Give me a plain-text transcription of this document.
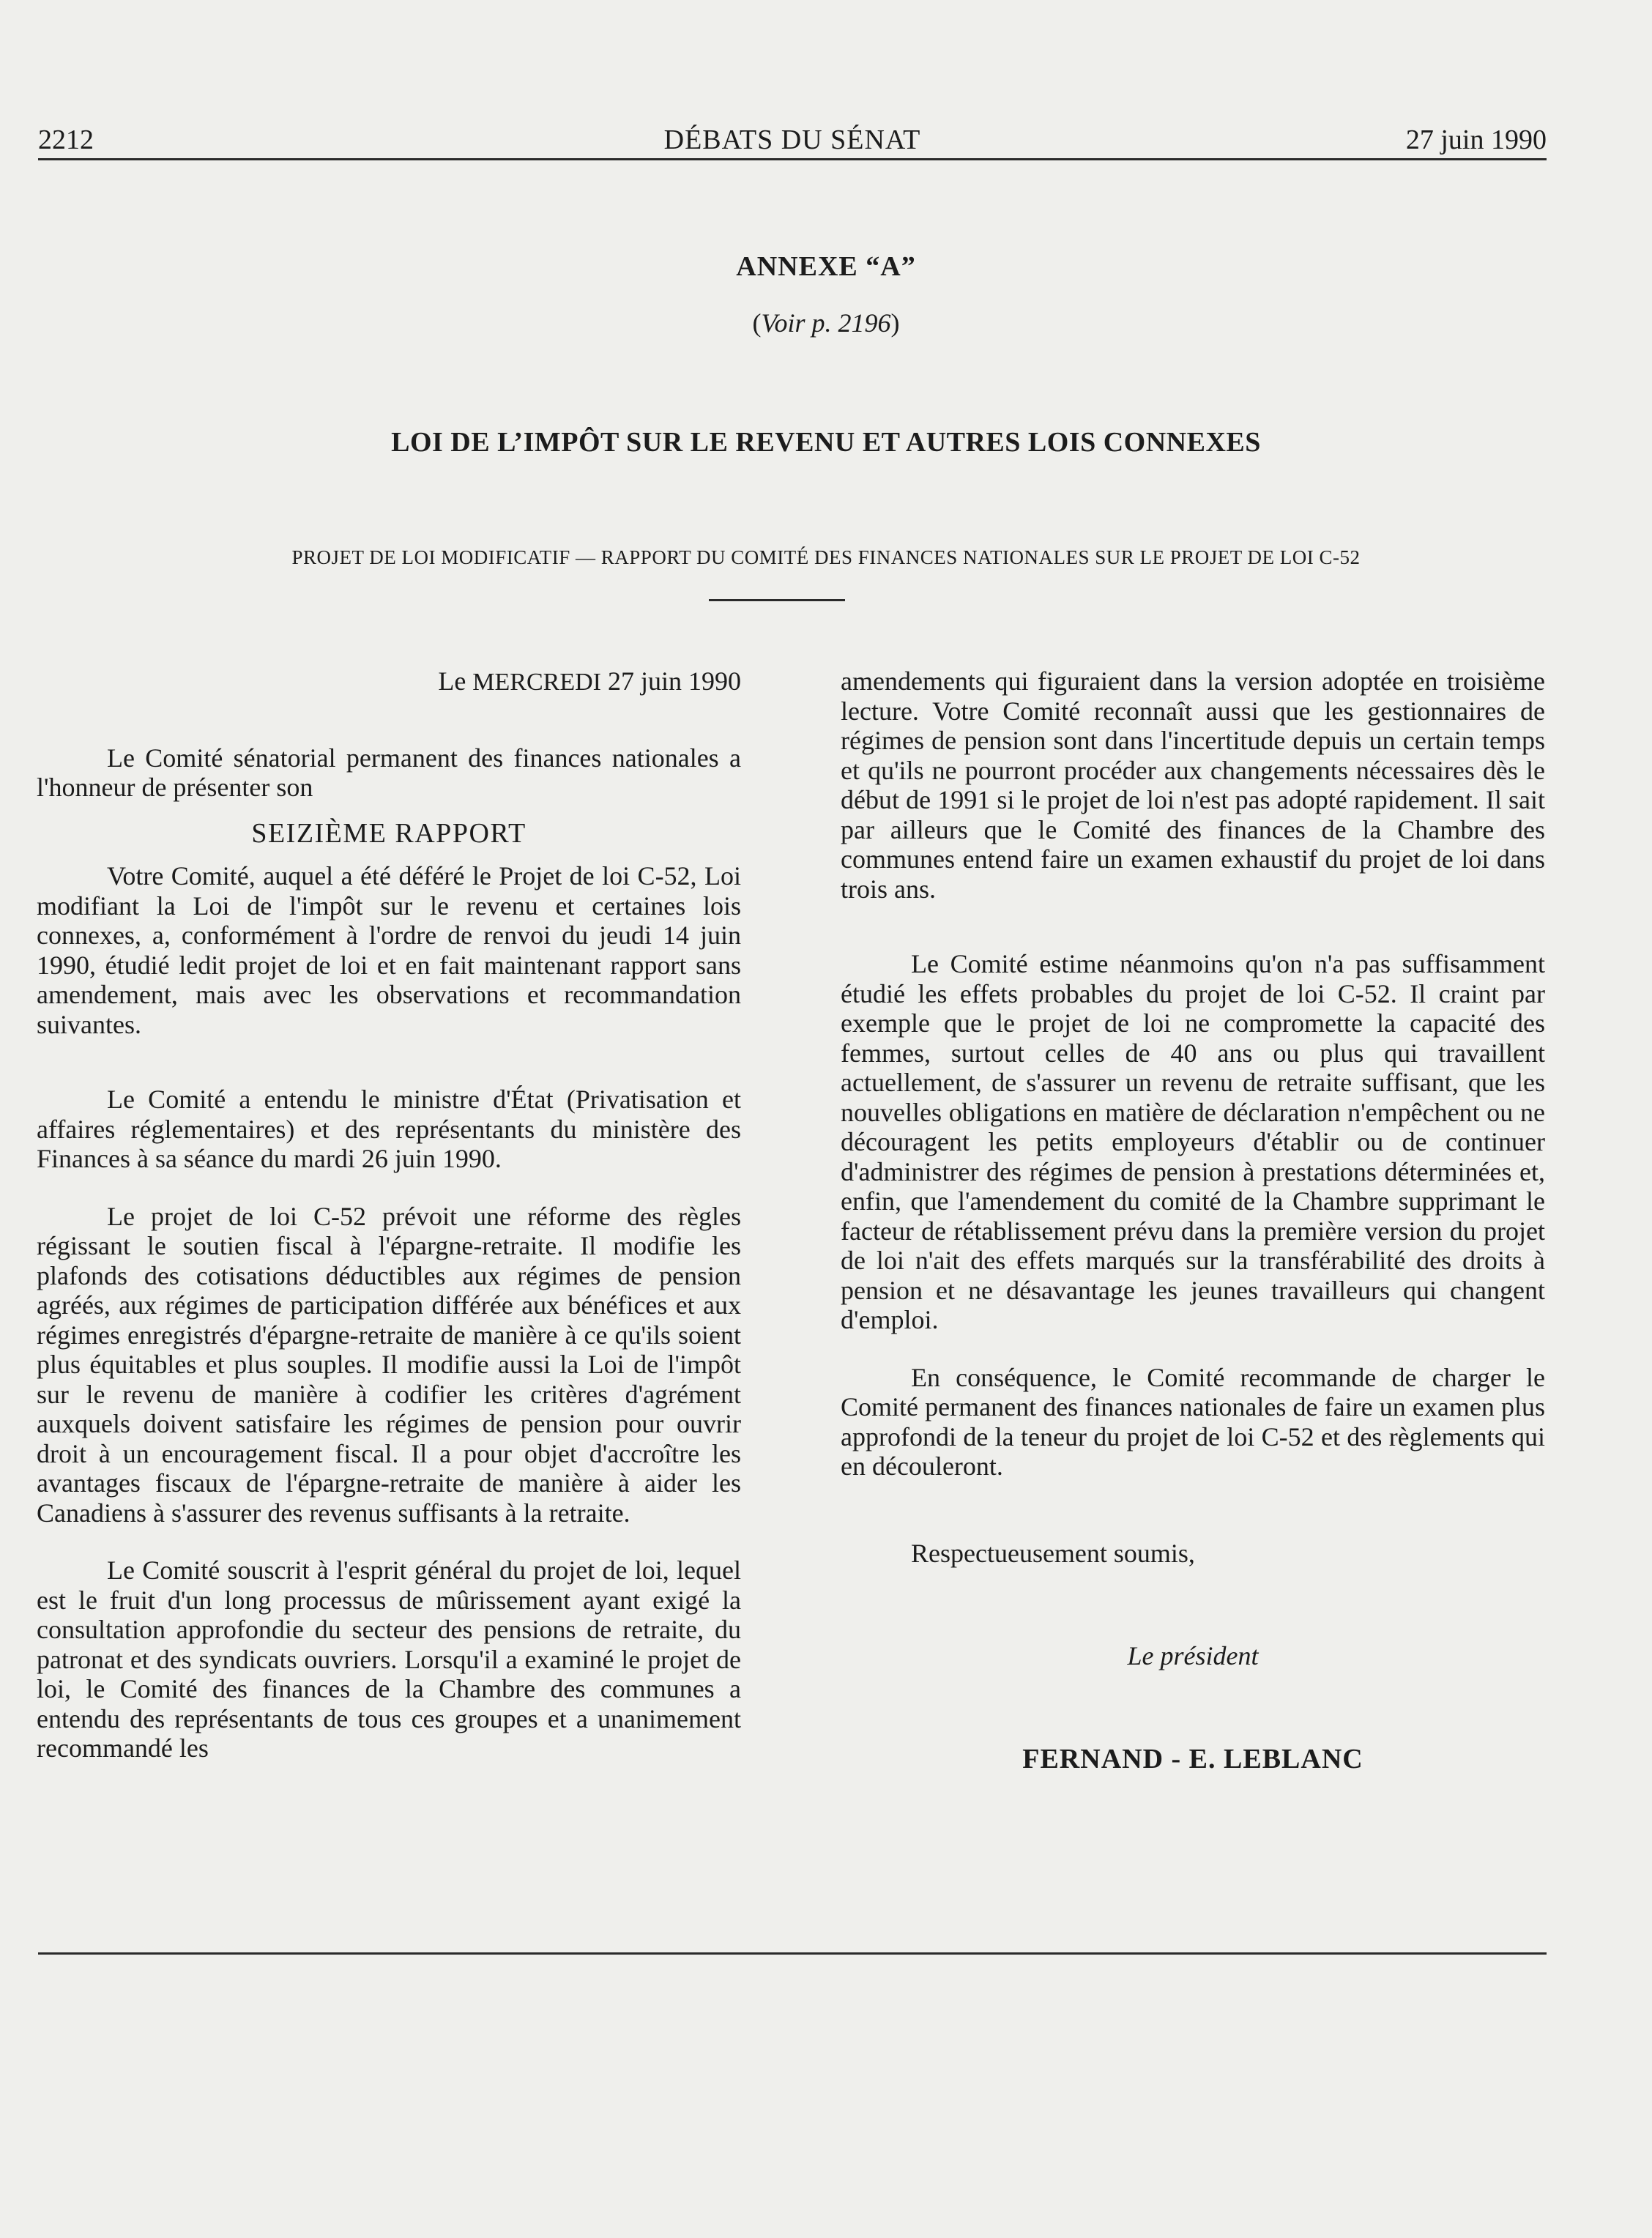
2212	DÉBATS DU SÉNAT	27 juin 1990
ANNEXE “A”
(Voir p. 2196)
LOI DE L’IMPÔT SUR LE REVENU ET AUTRES LOIS CONNEXES
PROJET DE LOI MODIFICATIF — RAPPORT DU COMITÉ DES FINANCES NATIONALES SUR LE PROJET DE LOI C-52

Le MERCREDI 27 juin 1990

Le Comité sénatorial permanent des finances nationales a l'honneur de présenter son

SEIZIÈME RAPPORT

Votre Comité, auquel a été déféré le Projet de loi C-52, Loi modifiant la Loi de l'impôt sur le revenu et certaines lois connexes, a, conformément à l'ordre de renvoi du jeudi 14 juin 1990, étudié ledit projet de loi et en fait maintenant rapport sans amendement, mais avec les observations et recommandation suivantes.

Le Comité a entendu le ministre d'État (Privatisation et affaires réglementaires) et des représentants du ministère des Finances à sa séance du mardi 26 juin 1990.

Le projet de loi C-52 prévoit une réforme des règles régissant le soutien fiscal à l'épargne-retraite. Il modifie les plafonds des cotisations déductibles aux régimes de pension agréés, aux régimes de participation différée aux bénéfices et aux régimes enregistrés d'épargne-retraite de manière à ce qu'ils soient plus équitables et plus souples. Il modifie aussi la Loi de l'impôt sur le revenu de manière à codifier les critères d'agrément auxquels doivent satisfaire les régimes de pension pour ouvrir droit à un encouragement fiscal. Il a pour objet d'accroître les avantages fiscaux de l'épargne-retraite de manière à aider les Canadiens à s'assurer des revenus suffisants à la retraite.

Le Comité souscrit à l'esprit général du projet de loi, lequel est le fruit d'un long processus de mûrissement ayant exigé la consultation approfondie du secteur des pensions de retraite, du patronat et des syndicats ouvriers. Lorsqu'il a examiné le projet de loi, le Comité des finances de la Chambre des communes a entendu des représentants de tous ces groupes et a unanimement recommandé les

amendements qui figuraient dans la version adoptée en troisième lecture. Votre Comité reconnaît aussi que les gestionnaires de régimes de pension sont dans l'incertitude depuis un certain temps et qu'ils ne pourront procéder aux changements nécessaires dès le début de 1991 si le projet de loi n'est pas adopté rapidement. Il sait par ailleurs que le Comité des finances de la Chambre des communes entend faire un examen exhaustif du projet de loi dans trois ans.

Le Comité estime néanmoins qu'on n'a pas suffisamment étudié les effets probables du projet de loi C-52. Il craint par exemple que le projet de loi ne compromette la capacité des femmes, surtout celles de 40 ans ou plus qui travaillent actuellement, de s'assurer un revenu de retraite suffisant, que les nouvelles obligations en matière de déclaration n'empêchent ou ne découragent les petits employeurs d'établir ou de continuer d'administrer des régimes de pension à prestations déterminées et, enfin, que l'amendement du comité de la Chambre supprimant le facteur de rétablissement prévu dans la première version du projet de loi n'ait des effets marqués sur la transférabilité des droits à pension et ne désavantage les jeunes travailleurs qui changent d'emploi.

En conséquence, le Comité recommande de charger le Comité permanent des finances nationales de faire un examen plus approfondi de la teneur du projet de loi C-52 et des règlements qui en découleront.

Respectueusement soumis,

Le président

FERNAND - E. LEBLANC
